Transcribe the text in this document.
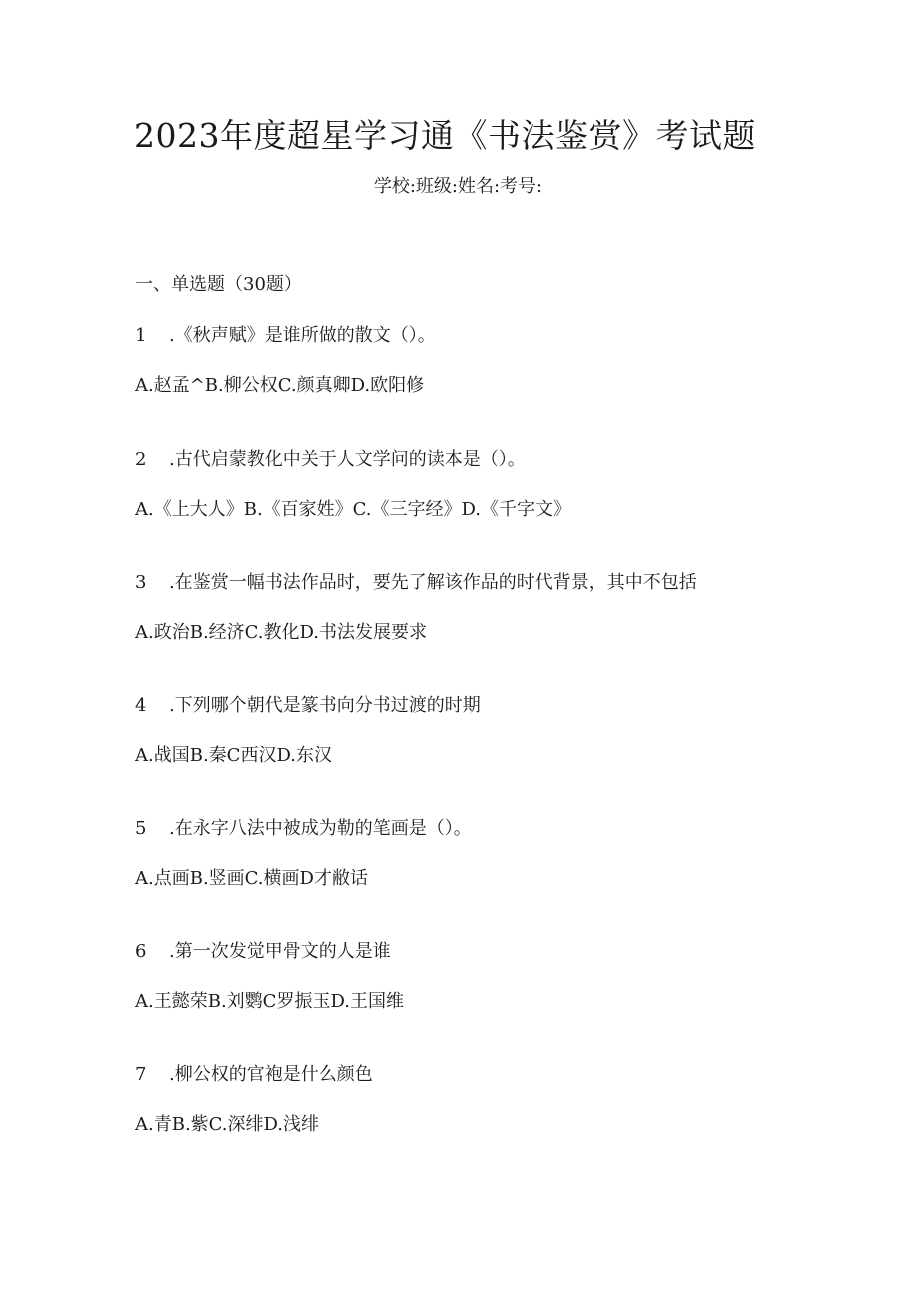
2023年度超星学习通《书法鉴赏》考试题
学校:班级:姓名:考号:
一、单选题（30题）
1 .《秋声赋》是谁所做的散文（）。
A.赵孟^B.柳公权C.颜真卿D.欧阳修
2 .古代启蒙教化中关于人文学问的读本是（）。
A.《上大人》B.《百家姓》C.《三字经》D.《千字文》
3 .在鉴赏一幅书法作品时，要先了解该作品的时代背景，其中不包括
A.政治B.经济C.教化D.书法发展要求
4 .下列哪个朝代是篆书向分书过渡的时期
A.战国B.秦C西汉D.东汉
5 .在永字八法中被成为勒的笔画是（）。
A.点画B.竖画C.横画D才敝话
6 .第一次发觉甲骨文的人是谁
A.王懿荣B.刘鹦C罗振玉D.王国维
7 .柳公权的官袍是什么颜色
A.青B.紫C.深绯D.浅绯
